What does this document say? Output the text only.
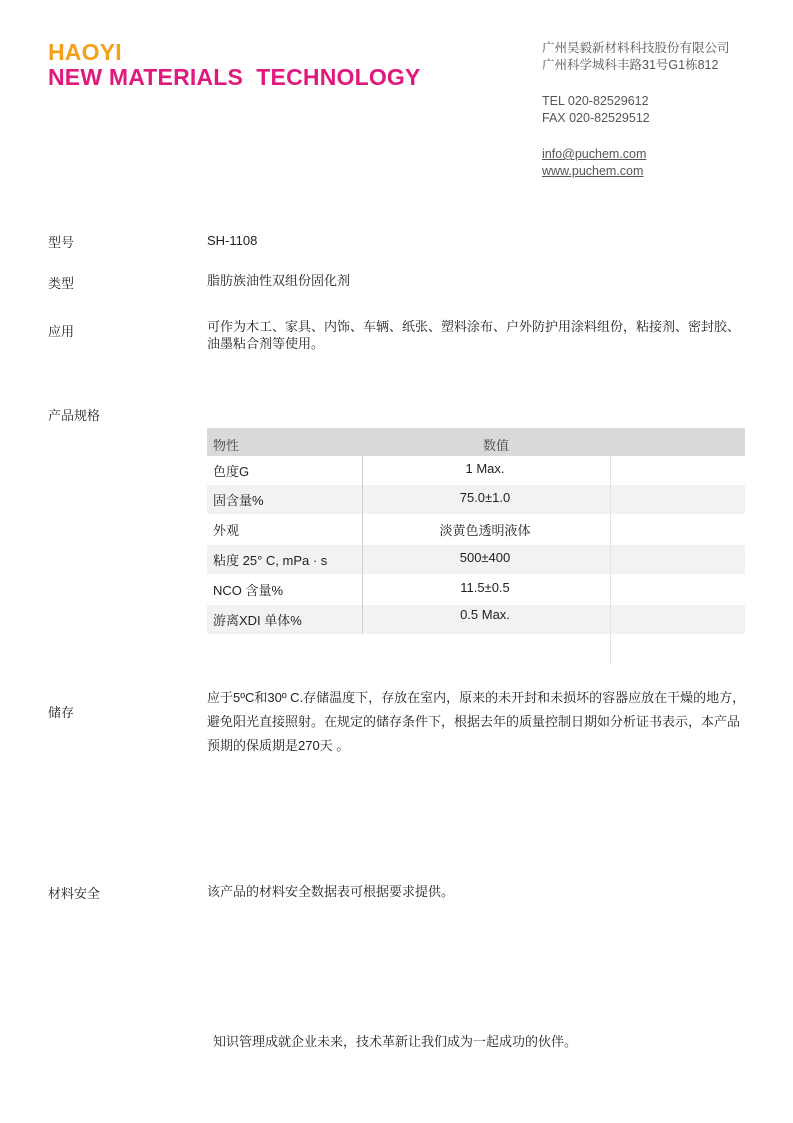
HAOYI
NEW MATERIALS  TECHNOLOGY
广州昊毅新材料科技股份有限公司
广州科学城科丰路31号G1栋812
TEL 020-82529612
FAX 020-82529512
info@puchem.com
www.puchem.com
型号	SH-1108
类型	脂肪族油性双组份固化剂
应用	可作为木工、家具、内饰、车辆、纸张、塑料涂布、户外防护用涂料组份，粘接剂、密封胶、油墨粘合剂等使用。
产品规格
物性	数值
色度G	1 Max.
固含量%	75.0±1.0
外观	淡黄色透明液体
粘度 25° C, mPa · s	500±400
NCO 含量%	11.5±0.5
游离XDI 单体%	0.5 Max.
储存
应于5ºC和30º C.存储温度下，存放在室内，原来的未开封和未损坏的容器应放在干燥的地方，避免阳光直接照射。在规定的储存条件下，根据去年的质量控制日期如分析证书表示，本产品预期的保质期是270天 。
材料安全	该产品的材料安全数据表可根据要求提供。
知识管理成就企业未来，技术革新让我们成为一起成功的伙伴。
